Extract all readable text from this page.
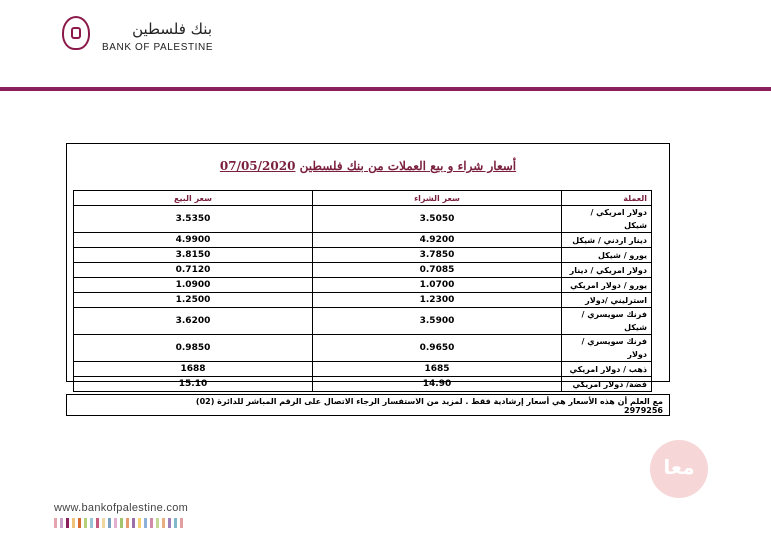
بنك فلسطين
BANK OF PALESTINE
أسعار شراء و بيع العملات من بنك فلسطين 07/05/2020
سعر البيع	سعر الشراء	العملة
3.5350	3.5050	دولار امريكي / شيكل
4.9900	4.9200	دينار اردني / شيكل
3.8150	3.7850	يورو / شيكل
0.7120	0.7085	دولار امريكي / دينار
1.0900	1.0700	يورو / دولار امريكي
1.2500	1.2300	استرليني /دولار
3.6200	3.5900	فرنك سويسري / شيكل
0.9850	0.9650	فرنك سويسري / دولار
1688	1685	ذهب / دولار امريكي
15.10	14.90	فضة/ دولار امريكي
مع العلم أن هذه الأسعار هي أسعار إرشادية فقط . لمزيد من الاستفسار الرجاء الاتصال على الرقم المباشر للدائرة (02)
2979256
معا
www.bankofpalestine.com
